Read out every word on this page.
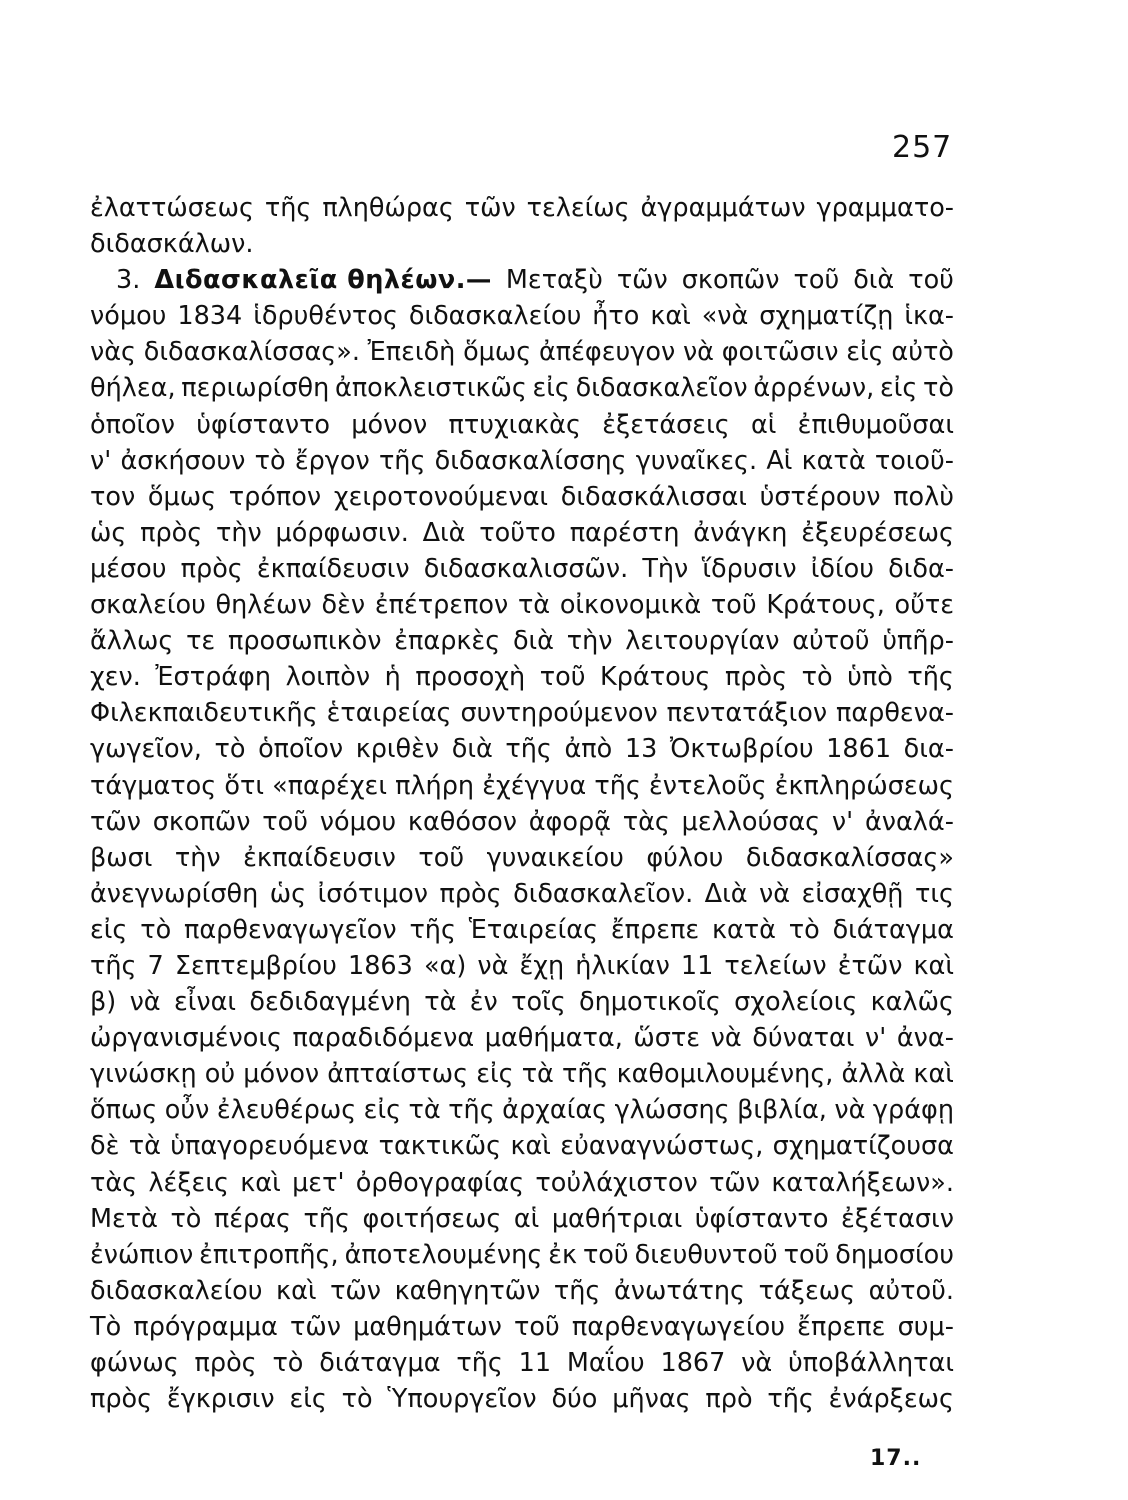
257
ἐλαττώσεως τῆς πληθώρας τῶν τελείως ἀγραμμάτων γραμματο-
διδασκάλων.
3. Διδασκαλεῖα θηλέων.— Μεταξὺ τῶν σκοπῶν τοῦ διὰ τοῦ
νόμου 1834 ἱδρυθέντος διδασκαλείου ἦτο καὶ «νὰ σχηματίζῃ ἱκα-
νὰς διδασκαλίσσας». Ἐπειδὴ ὅμως ἀπέφευγον νὰ φοιτῶσιν εἰς αὐτὸ
θήλεα, περιωρίσθη ἀποκλειστικῶς εἰς διδασκαλεῖον ἀρρένων, εἰς τὸ
ὁποῖον ὑφίσταντο μόνον πτυχιακὰς ἐξετάσεις αἱ ἐπιθυμοῦσαι
ν' ἀσκήσουν τὸ ἔργον τῆς διδασκαλίσσης γυναῖκες. Αἱ κατὰ τοιοῦ-
τον ὅμως τρόπον χειροτονούμεναι διδασκάλισσαι ὑστέρουν πολὺ
ὡς πρὸς τὴν μόρφωσιν. Διὰ τοῦτο παρέστη ἀνάγκη ἐξευρέσεως
μέσου πρὸς ἐκπαίδευσιν διδασκαλισσῶν. Τὴν ἵδρυσιν ἰδίου διδα-
σκαλείου θηλέων δὲν ἐπέτρεπον τὰ οἰκονομικὰ τοῦ Κράτους, οὔτε
ἄλλως τε προσωπικὸν ἐπαρκὲς διὰ τὴν λειτουργίαν αὐτοῦ ὑπῆρ-
χεν. Ἐστράφη λοιπὸν ἡ προσοχὴ τοῦ Κράτους πρὸς τὸ ὑπὸ τῆς
Φιλεκπαιδευτικῆς ἑταιρείας συντηρούμενον πεντατάξιον παρθενα-
γωγεῖον, τὸ ὁποῖον κριθὲν διὰ τῆς ἀπὸ 13 Ὀκτωβρίου 1861 δια-
τάγματος ὅτι «παρέχει πλήρη ἐχέγγυα τῆς ἐντελοῦς ἐκπληρώσεως
τῶν σκοπῶν τοῦ νόμου καθόσον ἀφορᾷ τὰς μελλούσας ν' ἀναλά-
βωσι τὴν ἐκπαίδευσιν τοῦ γυναικείου φύλου διδασκαλίσσας»
ἀνεγνωρίσθη ὡς ἰσότιμον πρὸς διδασκαλεῖον. Διὰ νὰ εἰσαχθῇ τις
εἰς τὸ παρθεναγωγεῖον τῆς Ἑταιρείας ἔπρεπε κατὰ τὸ διάταγμα
τῆς 7 Σεπτεμβρίου 1863 «α) νὰ ἔχῃ ἡλικίαν 11 τελείων ἐτῶν καὶ
β) νὰ εἶναι δεδιδαγμένη τὰ ἐν τοῖς δημοτικοῖς σχολείοις καλῶς
ὠργανισμένοις παραδιδόμενα μαθήματα, ὥστε νὰ δύναται ν' ἀνα-
γινώσκῃ οὐ μόνον ἀπταίστως εἰς τὰ τῆς καθομιλουμένης, ἀλλὰ καὶ
ὅπως οὖν ἐλευθέρως εἰς τὰ τῆς ἀρχαίας γλώσσης βιβλία, νὰ γράφῃ
δὲ τὰ ὑπαγορευόμενα τακτικῶς καὶ εὐαναγνώστως, σχηματίζουσα
τὰς λέξεις καὶ μετ' ὀρθογραφίας τοὐλάχιστον τῶν καταλήξεων».
Μετὰ τὸ πέρας τῆς φοιτήσεως αἱ μαθήτριαι ὑφίσταντο ἐξέτασιν
ἐνώπιον ἐπιτροπῆς, ἀποτελουμένης ἐκ τοῦ διευθυντοῦ τοῦ δημοσίου
διδασκαλείου καὶ τῶν καθηγητῶν τῆς ἀνωτάτης τάξεως αὐτοῦ.
Τὸ πρόγραμμα τῶν μαθημάτων τοῦ παρθεναγωγείου ἔπρεπε συμ-
φώνως πρὸς τὸ διάταγμα τῆς 11 Μαΐου 1867 νὰ ὑποβάλληται
πρὸς ἔγκρισιν εἰς τὸ Ὑπουργεῖον δύο μῆνας πρὸ τῆς ἐνάρξεως
17..
